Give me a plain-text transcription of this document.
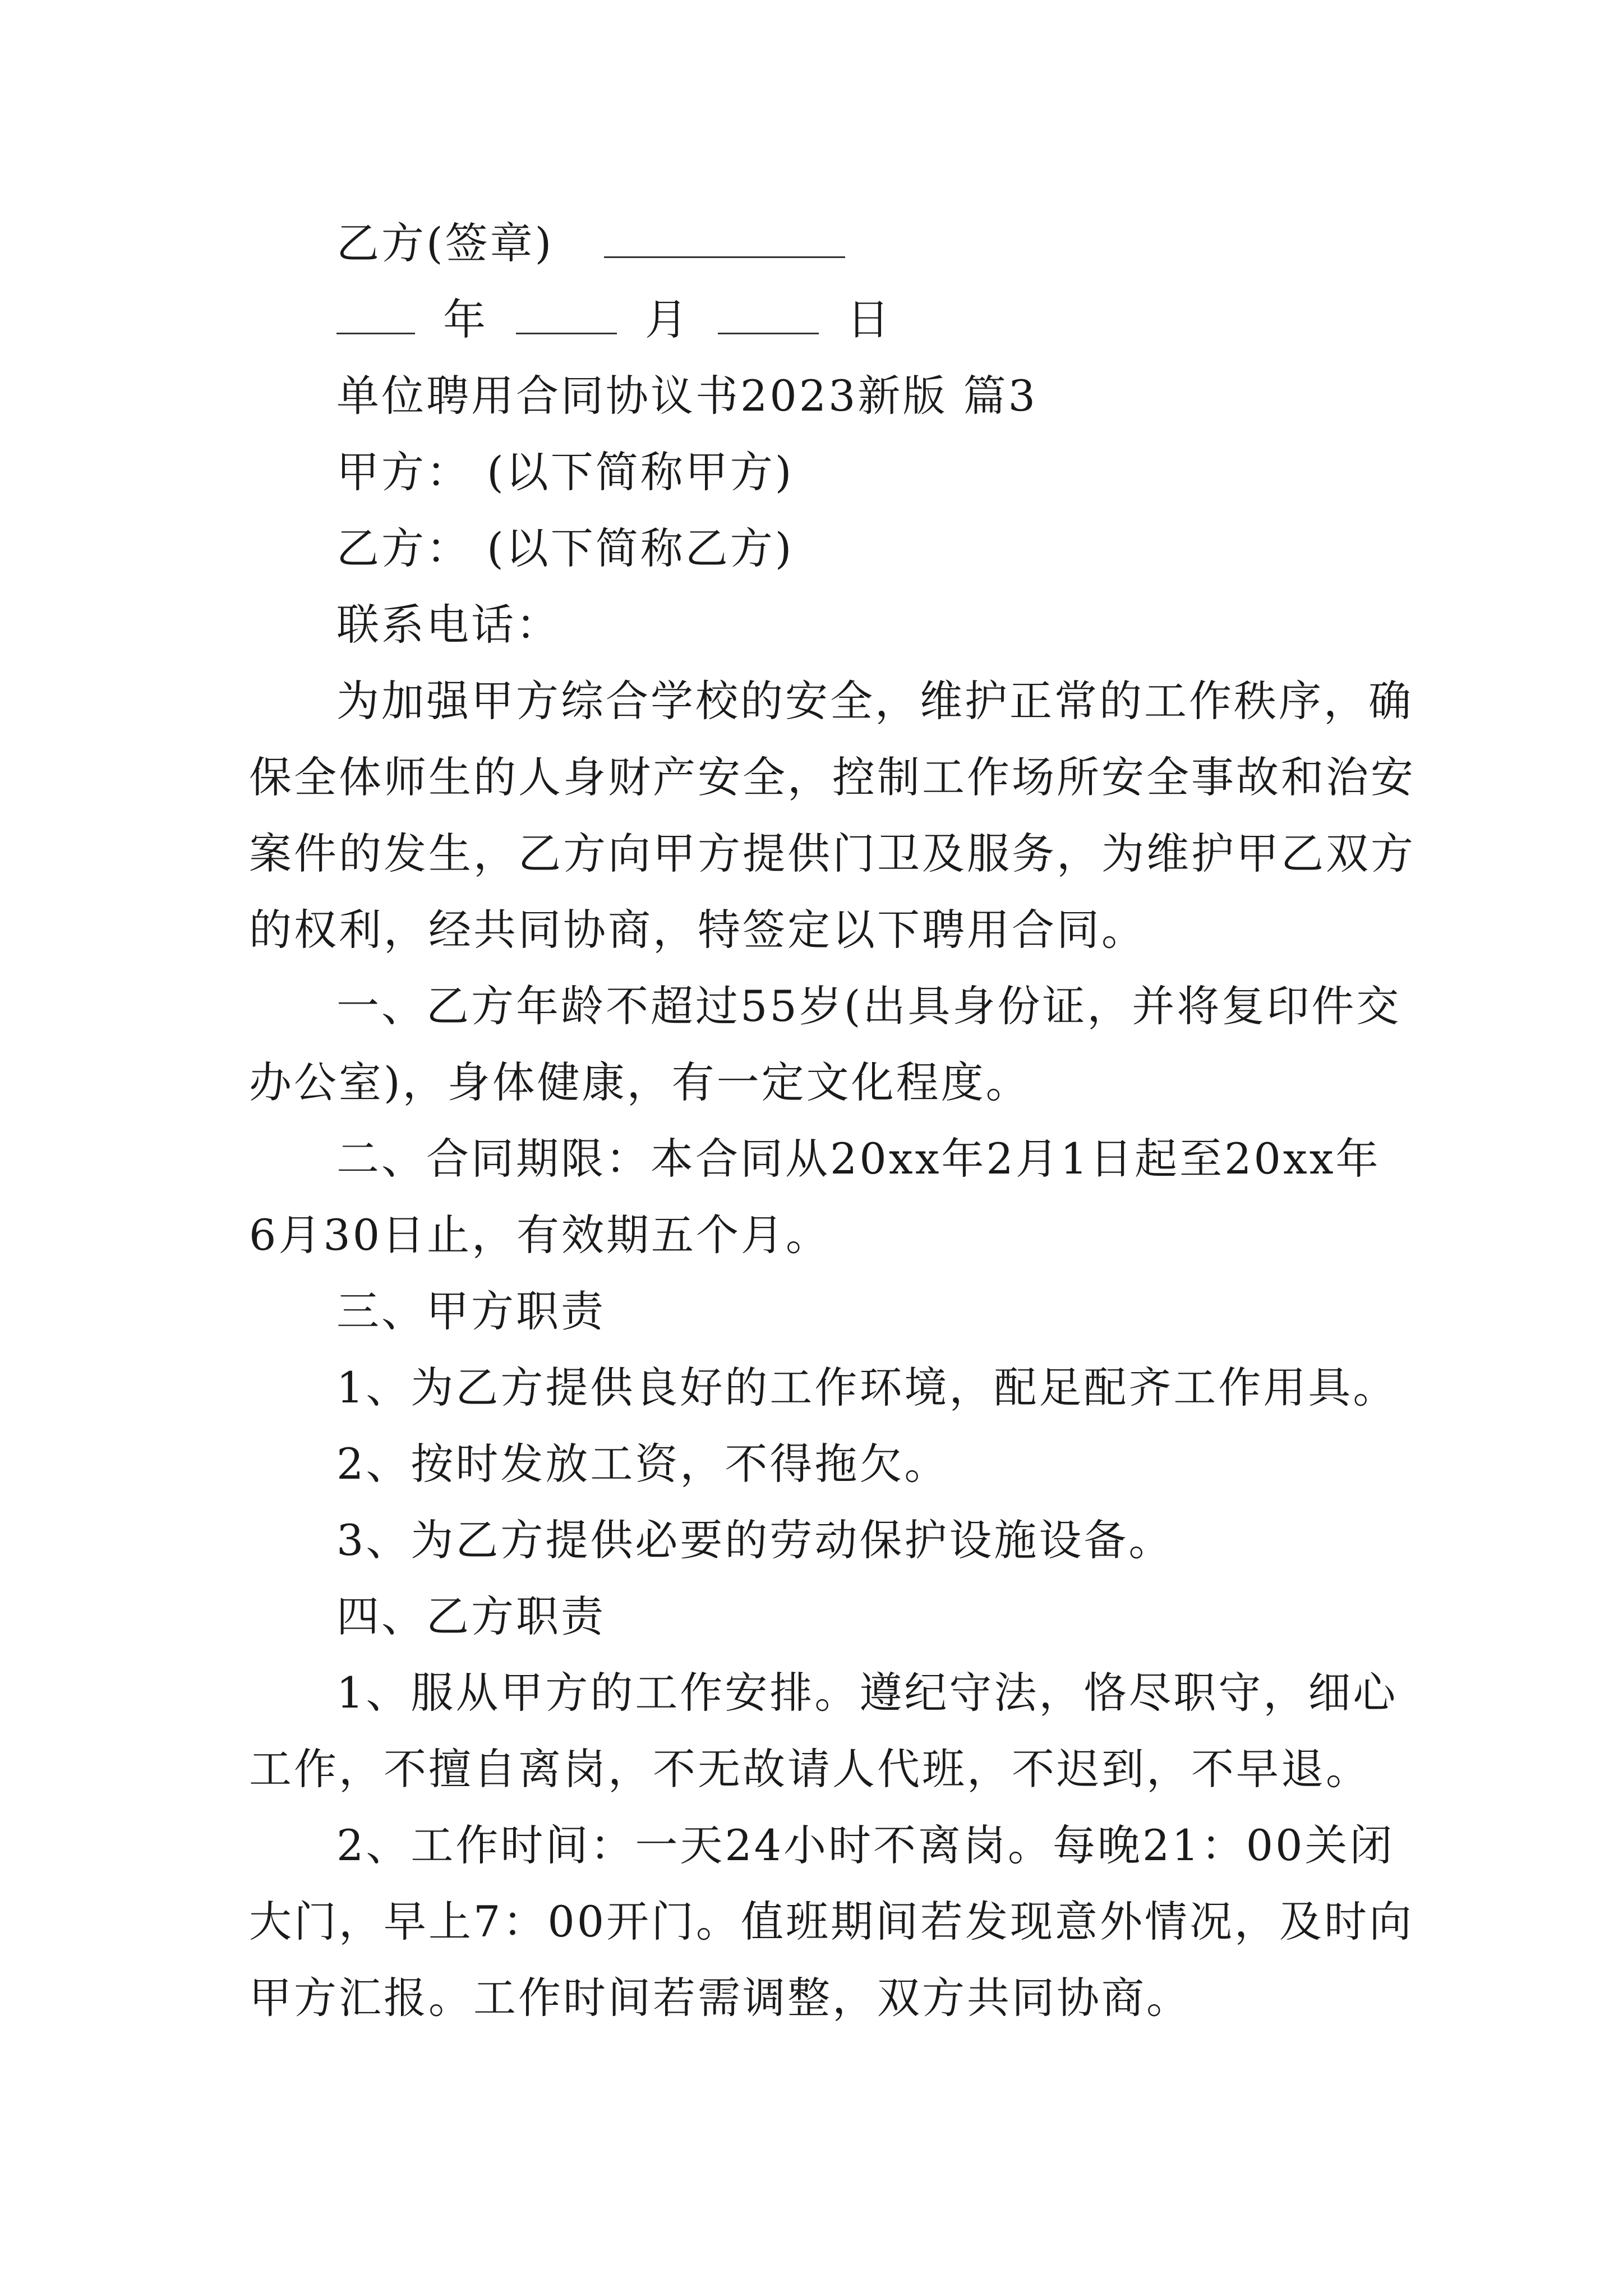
乙方(签章)
年	月	日
单位聘用合同协议书2023新版 篇3
甲方： (以下简称甲方)
乙方： (以下简称乙方)
联系电话：
为加强甲方综合学校的安全，维护正常的工作秩序，确
保全体师生的人身财产安全，控制工作场所安全事故和治安
案件的发生，乙方向甲方提供门卫及服务，为维护甲乙双方
的权利，经共同协商，特签定以下聘用合同。
一、乙方年龄不超过55岁(出具身份证，并将复印件交
办公室)，身体健康，有一定文化程度。
二、合同期限：本合同从20xx年2月1日起至20xx年
6月30日止，有效期五个月。
三、甲方职责
1、为乙方提供良好的工作环境，配足配齐工作用具。
2、按时发放工资，不得拖欠。
3、为乙方提供必要的劳动保护设施设备。
四、乙方职责
1、服从甲方的工作安排。遵纪守法，恪尽职守，细心
工作，不擅自离岗，不无故请人代班，不迟到，不早退。
2、工作时间：一天24小时不离岗。每晚21：00关闭
大门，早上7：00开门。值班期间若发现意外情况，及时向
甲方汇报。工作时间若需调整，双方共同协商。
